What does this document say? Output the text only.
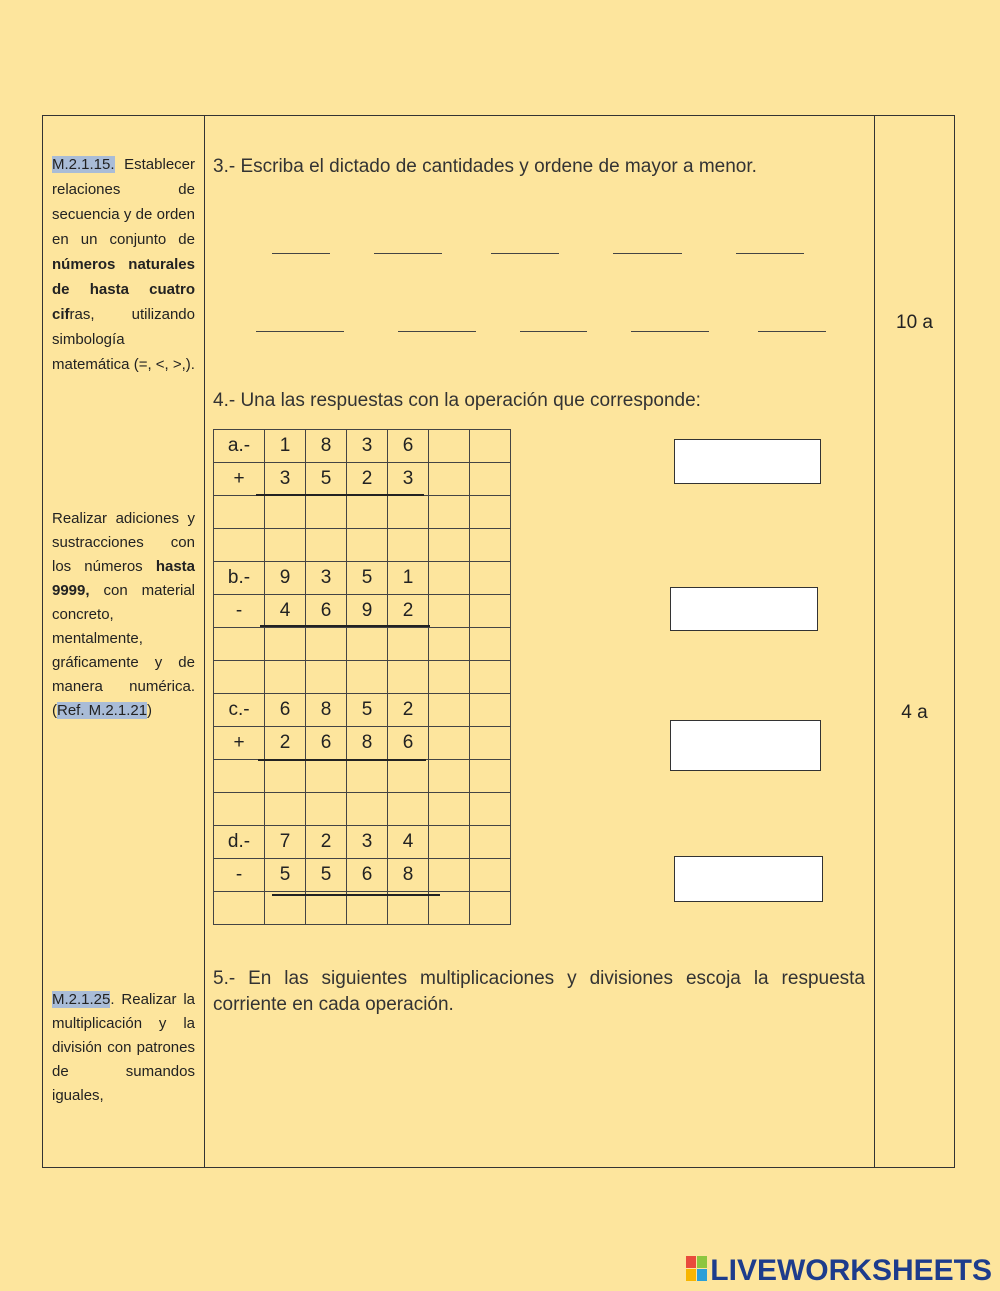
M.2.1.15. Establecer relaciones de secuencia y de orden en un conjunto de números naturales de hasta cuatro cifras, utilizando simbología matemática (=, <, >,).
Realizar adiciones y sustracciones con los números hasta 9999, con material concreto, mentalmente, gráficamente y de manera numérica. (Ref. M.2.1.21)
M.2.1.25. Realizar la multiplicación y la división con patrones de sumandos iguales,
3.- Escriba el dictado de cantidades y ordene de mayor a menor.
4.- Una las respuestas con la operación que corresponde:
a.-	1	8	3	6		
+	3	5	2	3		

b.-	9	3	5	1		
-	4	6	9	2		

c.-	6	8	5	2		
+	2	6	8	6		

d.-	7	2	3	4		
-	5	5	6	8		

5.- En las siguientes multiplicaciones y divisiones escoja la respuesta corriente en cada operación.
10 a
4 a
LIVEWORKSHEETS
